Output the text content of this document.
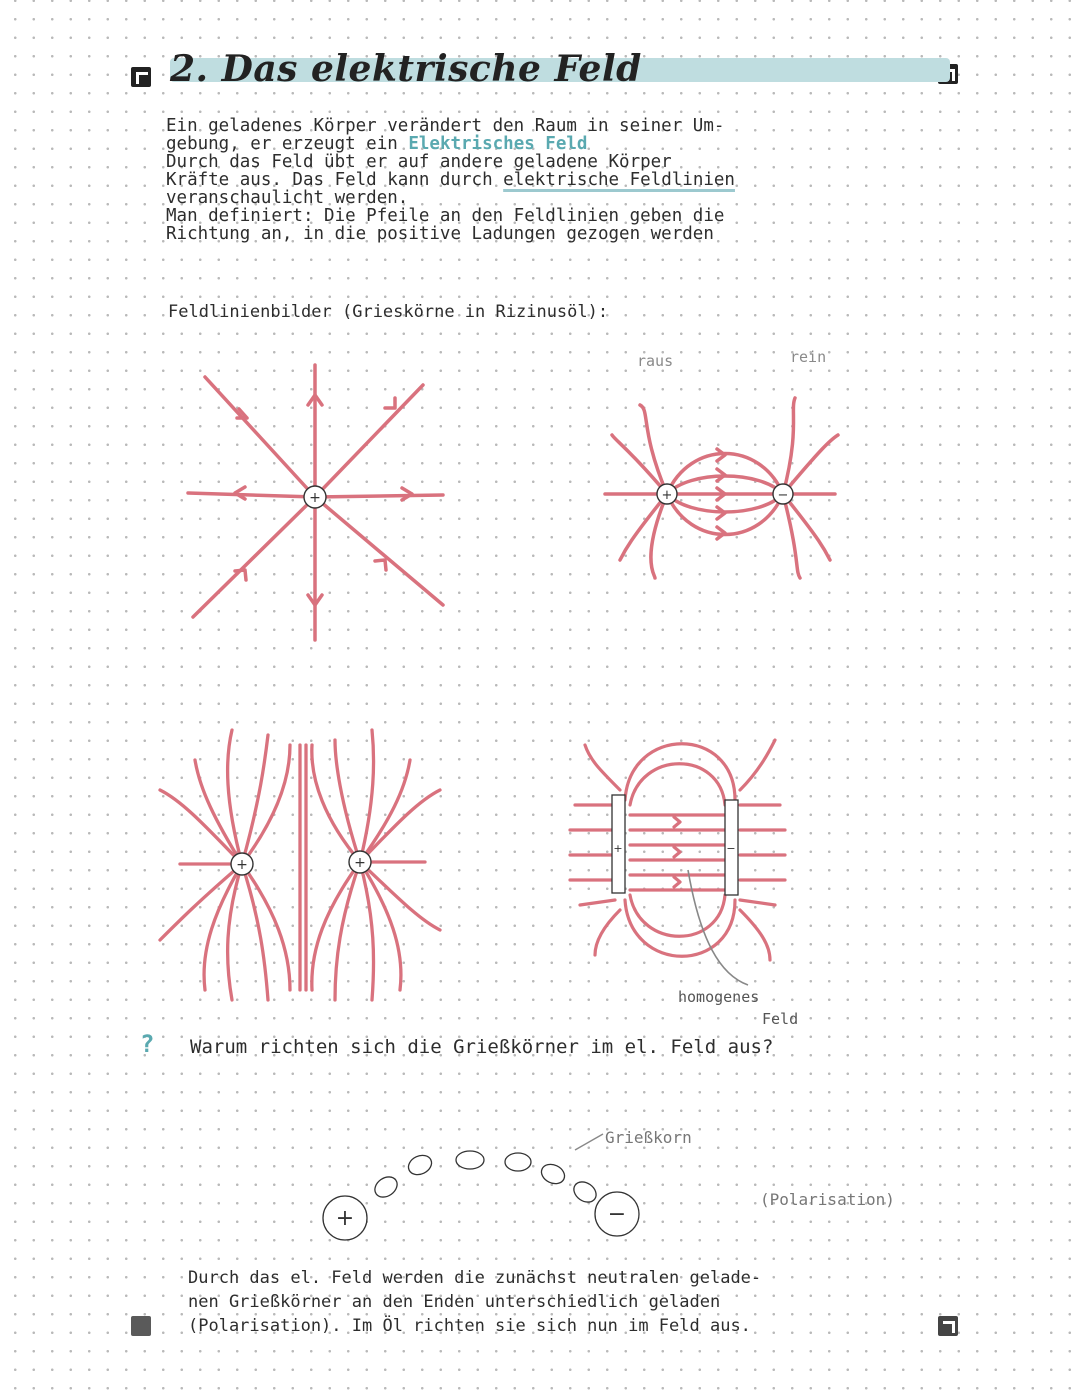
2. Das elektrische Feld
Ein geladenes Körper verändert den Raum in seiner Um-
gebung, er erzeugt ein Elektrisches Feld
Durch das Feld übt er auf andere geladene Körper
Kräfte aus. Das Feld kann durch elektrische Feldlinien
veranschaulicht werden.
Man definiert: Die Pfeile an den Feldlinien geben die
Richtung an, in die positive Ladungen gezogen werden
Feldlinienbilder (Grieskörne in Rizinusöl):
raus	rein
+	+	−
+	+
+	−
+	−
homogenes
Feld
? Warum richten sich die Grießkörner im el. Feld aus?
Grießkorn
(Polarisation)
Durch das el. Feld werden die zunächst neutralen gelade-
nen Grießkörner an den Enden unterschiedlich geladen
(Polarisation). Im Öl richten sie sich nun im Feld aus.
